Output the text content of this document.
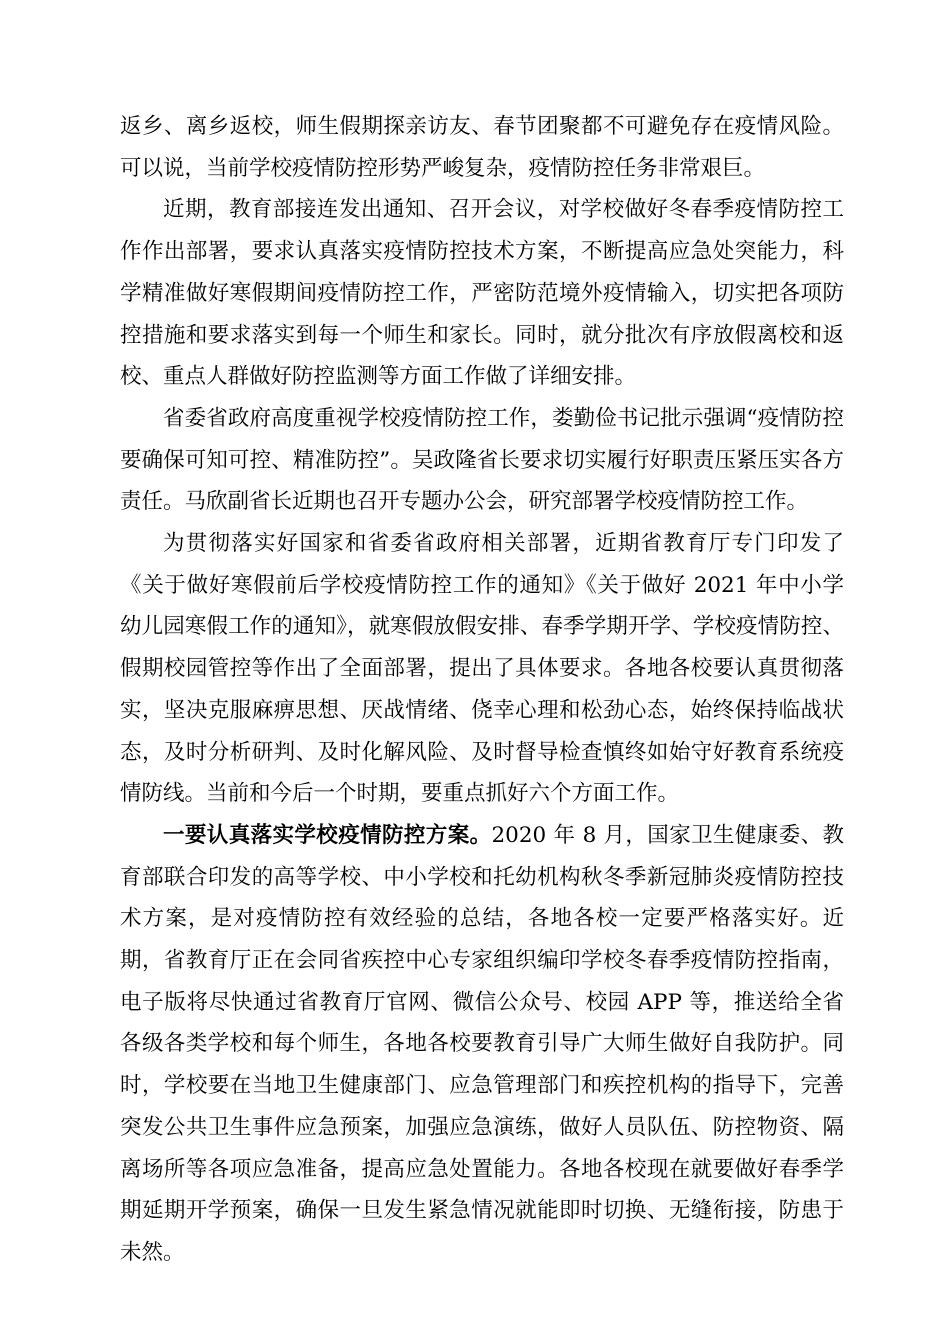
返乡、离乡返校，师生假期探亲访友、春节团聚都不可避免存在疫情风险。可以说，当前学校疫情防控形势严峻复杂，疫情防控任务非常艰巨。

近期，教育部接连发出通知、召开会议，对学校做好冬春季疫情防控工作作出部署，要求认真落实疫情防控技术方案，不断提高应急处突能力，科学精准做好寒假期间疫情防控工作，严密防范境外疫情输入，切实把各项防控措施和要求落实到每一个师生和家长。同时，就分批次有序放假离校和返校、重点人群做好防控监测等方面工作做了详细安排。

省委省政府高度重视学校疫情防控工作，娄勤俭书记批示强调“疫情防控要确保可知可控、精准防控”。吴政隆省长要求切实履行好职责压紧压实各方责任。马欣副省长近期也召开专题办公会，研究部署学校疫情防控工作。

为贯彻落实好国家和省委省政府相关部署，近期省教育厅专门印发了《关于做好寒假前后学校疫情防控工作的通知》《关于做好 2021 年中小学幼儿园寒假工作的通知》，就寒假放假安排、春季学期开学、学校疫情防控、假期校园管控等作出了全面部署，提出了具体要求。各地各校要认真贯彻落实，坚决克服麻痹思想、厌战情绪、侥幸心理和松劲心态，始终保持临战状态，及时分析研判、及时化解风险、及时督导检查慎终如始守好教育系统疫情防线。当前和今后一个时期，要重点抓好六个方面工作。

一要认真落实学校疫情防控方案。2020 年 8 月，国家卫生健康委、教育部联合印发的高等学校、中小学校和托幼机构秋冬季新冠肺炎疫情防控技术方案，是对疫情防控有效经验的总结，各地各校一定要严格落实好。近期，省教育厅正在会同省疾控中心专家组织编印学校冬春季疫情防控指南，电子版将尽快通过省教育厅官网、微信公众号、校园 APP 等，推送给全省各级各类学校和每个师生，各地各校要教育引导广大师生做好自我防护。同时，学校要在当地卫生健康部门、应急管理部门和疾控机构的指导下，完善突发公共卫生事件应急预案，加强应急演练，做好人员队伍、防控物资、隔离场所等各项应急准备，提高应急处置能力。各地各校现在就要做好春季学期延期开学预案，确保一旦发生紧急情况就能即时切换、无缝衔接，防患于未然。
